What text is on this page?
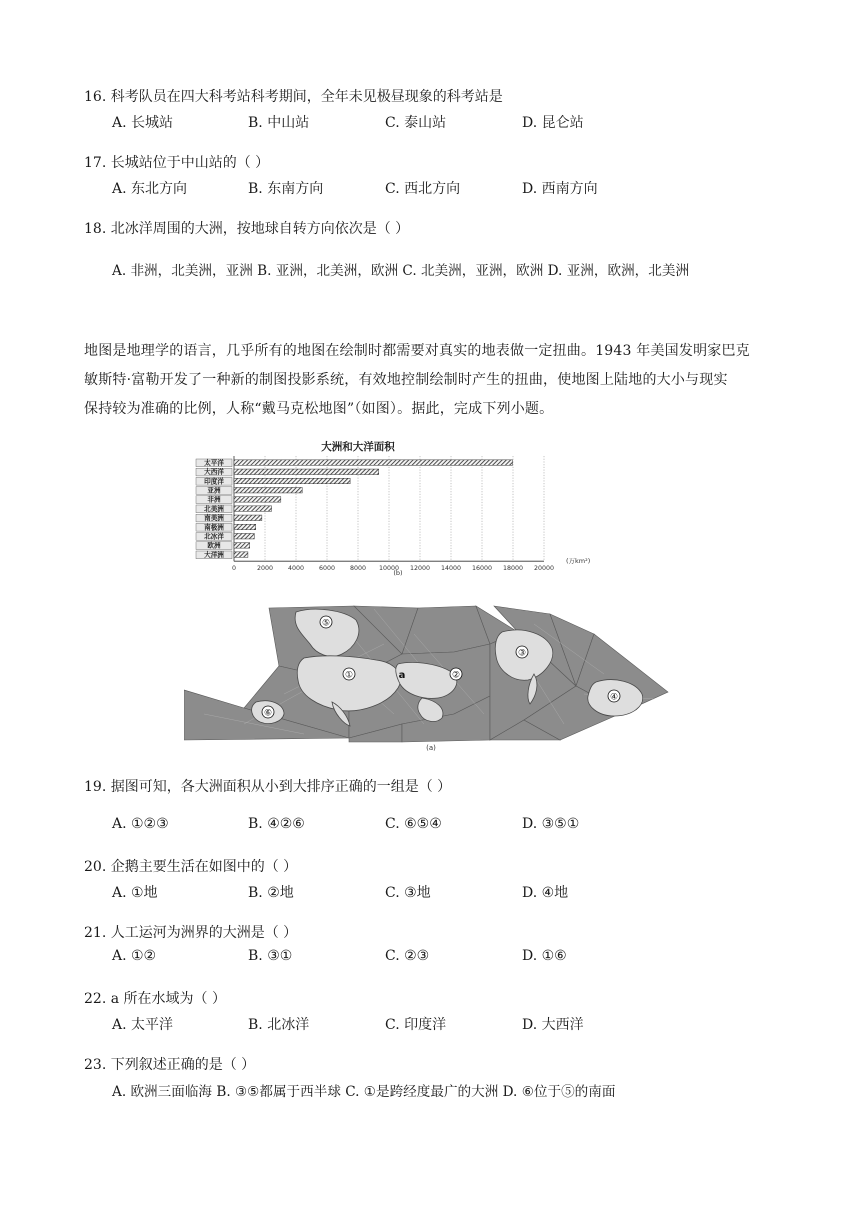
16. 科考队员在四大科考站科考期间，全年未见极昼现象的科考站是
A. 长城站	B. 中山站	C. 泰山站	D. 昆仑站
17. 长城站位于中山站的（ ）
A. 东北方向	B. 东南方向	C. 西北方向	D. 西南方向
18. 北冰洋周围的大洲，按地球自转方向依次是（ ）
A. 非洲，北美洲，亚洲 B. 亚洲，北美洲，欧洲 C. 北美洲，亚洲，欧洲 D. 亚洲，欧洲，北美洲
地图是地理学的语言，几乎所有的地图在绘制时都需要对真实的地表做一定扭曲。1943 年美国发明家巴克
敏斯特·富勒开发了一种新的制图投影系统，有效地控制绘制时产生的扭曲，使地图上陆地的大小与现实
保持较为准确的比例，人称“戴马克松地图”（如图）。据此，完成下列小题。
大洲和大洋面积
太平洋
大西洋
印度洋
亚洲
非洲
北美洲
南美洲
南极洲
北冰洋
欧洲
大洋洲
0	2000 4000 6000 8000 10000 12000 14000 16000 18000 20000
(万km²)
(b)
⑤
③
①	a	②
④
⑥
(a)
19. 据图可知，各大洲面积从小到大排序正确的一组是（ ）
A. ①②③	B. ④②⑥	C. ⑥⑤④	D. ③⑤①
20. 企鹅主要生活在如图中的（ ）
A. ①地	B. ②地	C. ③地	D. ④地
21. 人工运河为洲界的大洲是（ ）
A. ①②	B. ③①	C. ②③	D. ①⑥
22. a 所在水域为（ ）
A. 太平洋	B. 北冰洋	C. 印度洋	D. 大西洋
23. 下列叙述正确的是（ ）
A. 欧洲三面临海 B. ③⑤都属于西半球 C. ①是跨经度最广的大洲 D. ⑥位于⑤的南面
